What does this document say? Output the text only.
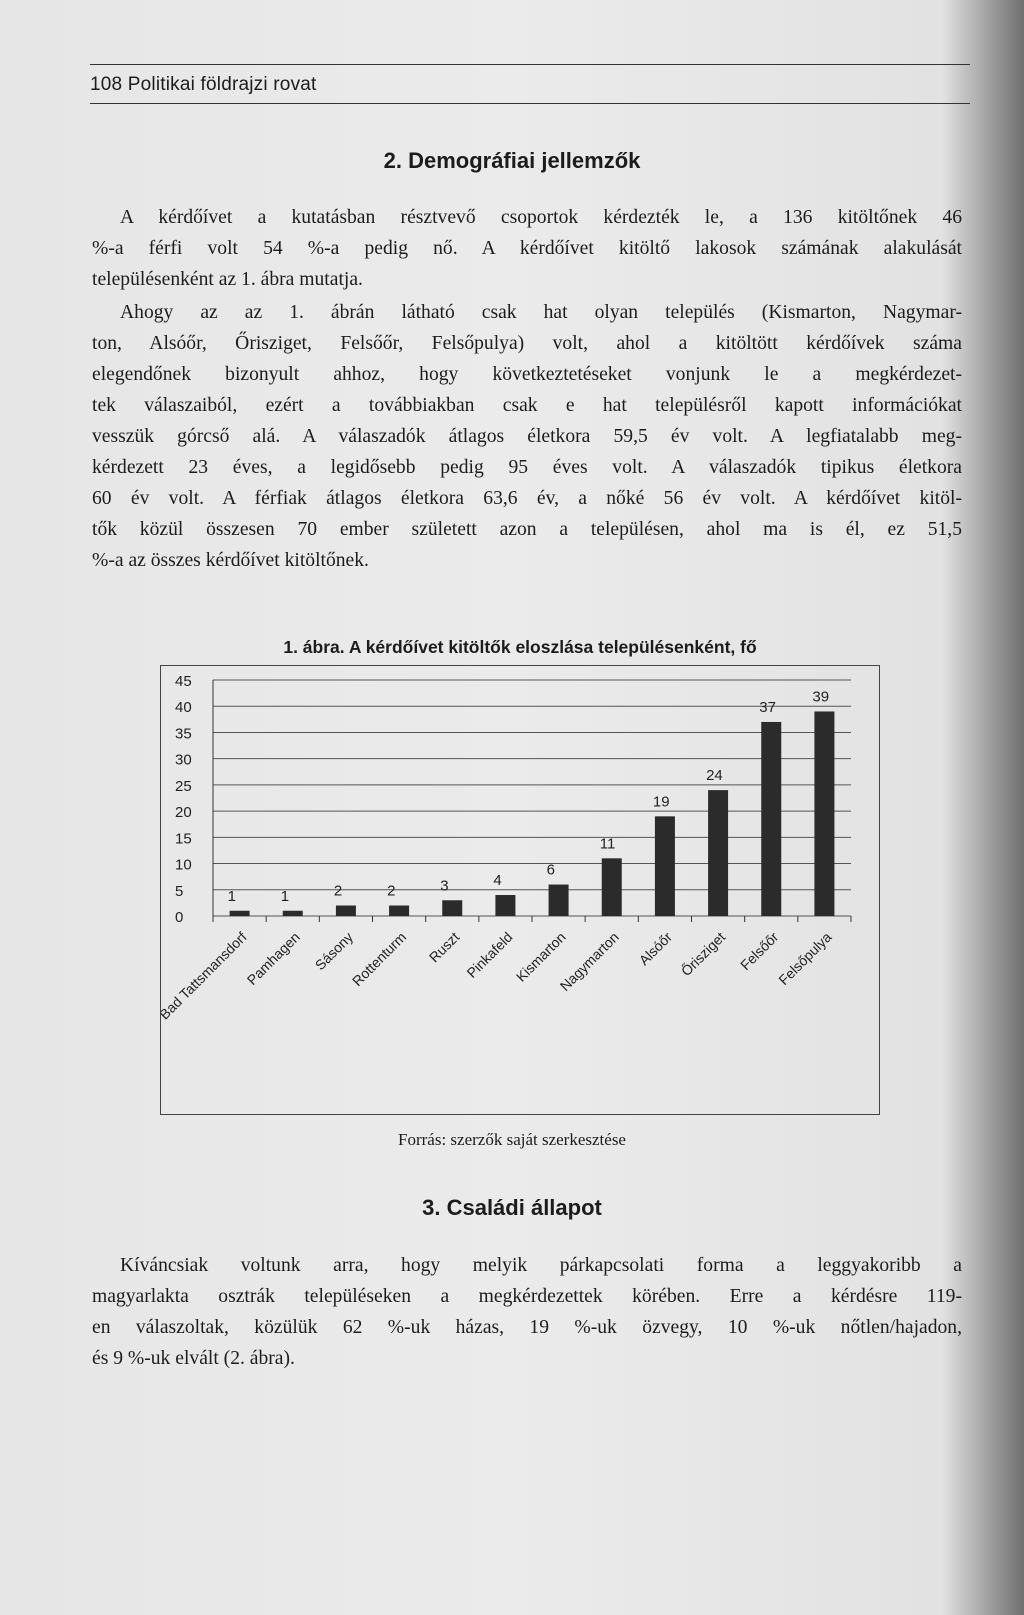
108 Politikai földrajzi rovat
2. Demográfiai jellemzők
A kérdőívet a kutatásban résztvevő csoportok kérdezték le, a 136 kitöltőnek 46
%-a férfi volt 54 %-a pedig nő. A kérdőívet kitöltő lakosok számának alakulását
településenként az 1. ábra mutatja.
Ahogy az az 1. ábrán látható csak hat olyan település (Kismarton, Nagymar-
ton, Alsóőr, Őrisziget, Felsőőr, Felsőpulya) volt, ahol a kitöltött kérdőívek száma
elegendőnek bizonyult ahhoz, hogy következtetéseket vonjunk le a megkérdezet-
tek válaszaiból, ezért a továbbiakban csak e hat településről kapott információkat
vesszük górcső alá. A válaszadók átlagos életkora 59,5 év volt. A legfiatalabb meg-
kérdezett 23 éves, a legidősebb pedig 95 éves volt. A válaszadók tipikus életkora
60 év volt. A férfiak átlagos életkora 63,6 év, a nőké 56 év volt. A kérdőívet kitöl-
tők közül összesen 70 ember született azon a településen, ahol ma is él, ez 51,5
%-a az összes kérdőívet kitöltőnek.
1. ábra. A kérdőívet kitöltők eloszlása településenként, fő
0
5
10
15
20
25
30
35
40
45
1
Bad Tattsmansdorf
1
Pamhagen
2
Sásony
2
Rottenturm
3
Ruszt
4
Pinkafeld
6
Kismarton
11
Nagymarton
19
Alsóőr
24
Őrisziget
37
Felsőőr
39
Felsőpulya
Forrás: szerzők saját szerkesztése
3. Családi állapot
Kíváncsiak voltunk arra, hogy melyik párkapcsolati forma a leggyakoribb a
magyarlakta osztrák településeken a megkérdezettek körében. Erre a kérdésre 119-
en válaszoltak, közülük 62 %-uk házas, 19 %-uk özvegy, 10 %-uk nőtlen/hajadon,
és 9 %-uk elvált (2. ábra).
